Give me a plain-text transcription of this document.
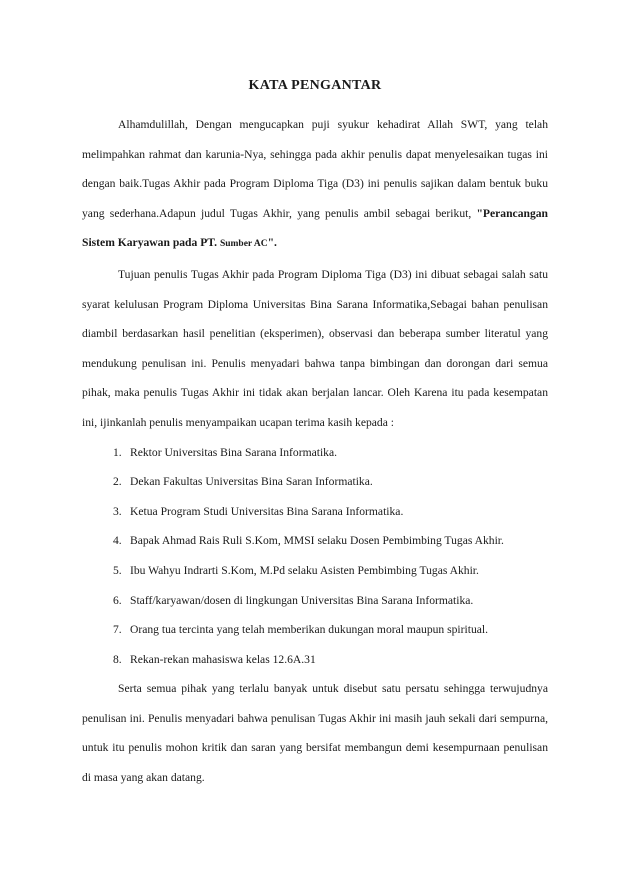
KATA PENGANTAR

Alhamdulillah, Dengan mengucapkan puji syukur kehadirat Allah SWT, yang telah melimpahkan rahmat dan karunia-Nya, sehingga pada akhir penulis dapat menyelesaikan tugas ini dengan baik.Tugas Akhir pada Program Diploma Tiga (D3) ini penulis sajikan dalam bentuk buku yang sederhana.Adapun judul Tugas Akhir, yang penulis ambil sebagai berikut, "Perancangan Sistem Karyawan pada PT. Sumber AC".

Tujuan penulis Tugas Akhir pada Program Diploma Tiga (D3) ini dibuat sebagai salah satu syarat kelulusan Program Diploma Universitas Bina Sarana Informatika,Sebagai bahan penulisan diambil berdasarkan hasil penelitian (eksperimen), observasi dan beberapa sumber literatul yang mendukung penulisan ini. Penulis menyadari bahwa tanpa bimbingan dan dorongan dari semua pihak, maka penulis Tugas Akhir ini tidak akan berjalan lancar. Oleh Karena itu pada kesempatan ini, ijinkanlah penulis menyampaikan ucapan terima kasih kepada :

1. Rektor Universitas Bina Sarana Informatika.
2. Dekan Fakultas Universitas Bina Saran Informatika.
3. Ketua Program Studi Universitas Bina Sarana Informatika.
4. Bapak Ahmad Rais Ruli S.Kom, MMSI selaku Dosen Pembimbing Tugas Akhir.
5. Ibu Wahyu Indrarti S.Kom, M.Pd selaku Asisten Pembimbing Tugas Akhir.
6. Staff/karyawan/dosen di lingkungan Universitas Bina Sarana Informatika.
7. Orang tua tercinta yang telah memberikan dukungan moral maupun spiritual.
8. Rekan-rekan mahasiswa kelas 12.6A.31

Serta semua pihak yang terlalu banyak untuk disebut satu persatu sehingga terwujudnya penulisan ini. Penulis menyadari bahwa penulisan Tugas Akhir ini masih jauh sekali dari sempurna, untuk itu penulis mohon kritik dan saran yang bersifat membangun demi kesempurnaan penulisan di masa yang akan datang.
